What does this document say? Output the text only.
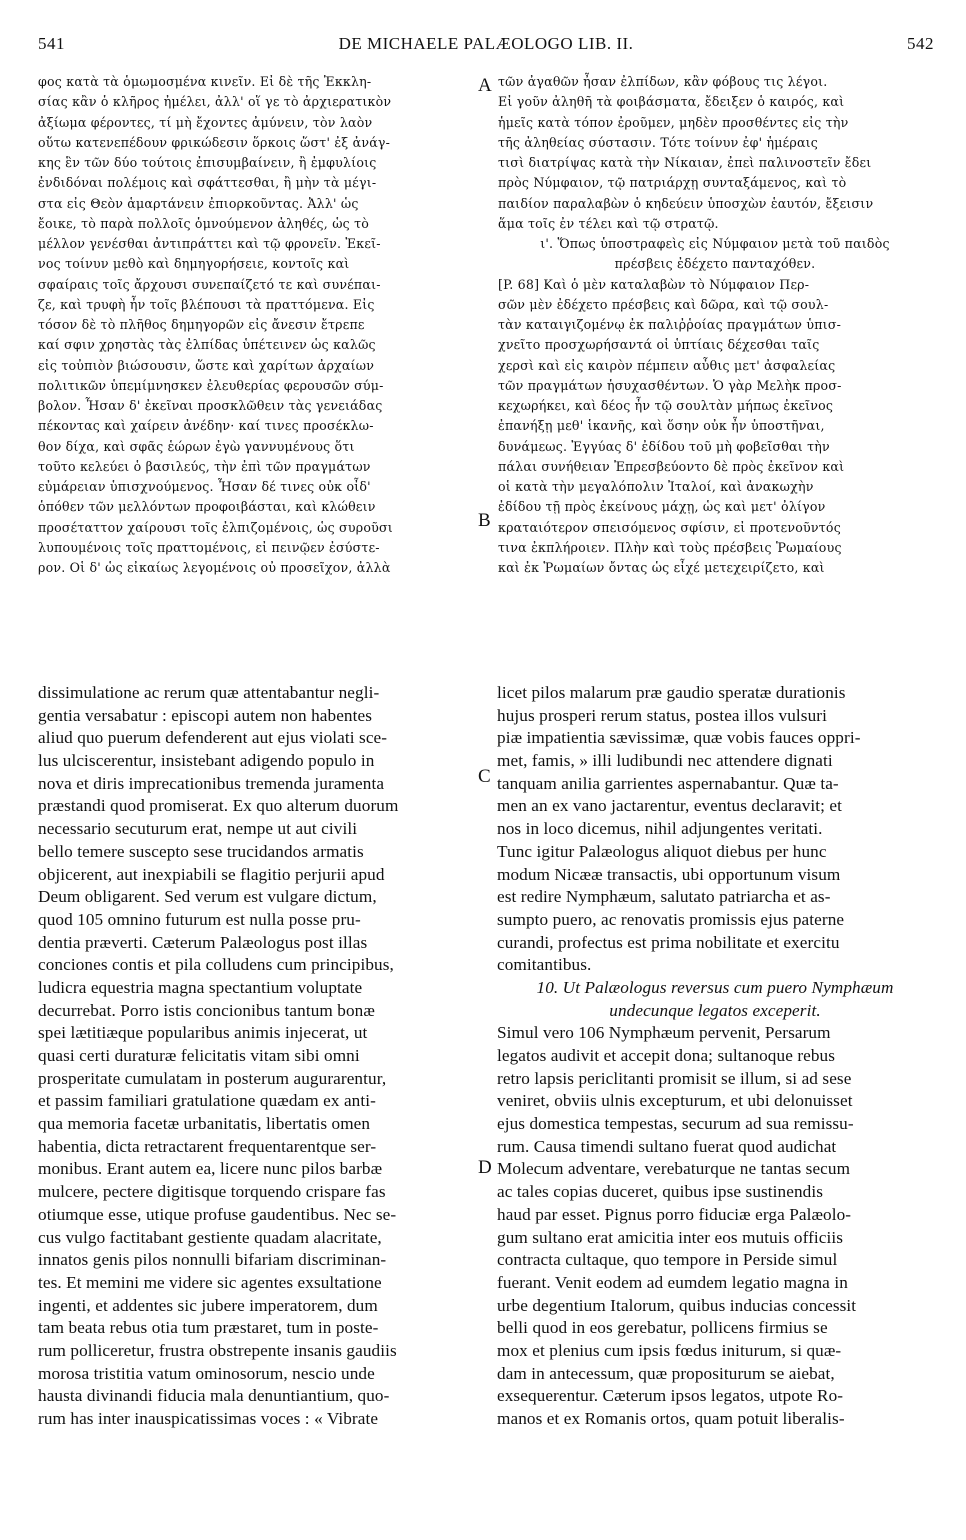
541	DE MICHAELE PALÆOLOGO LIB. II.	542
φος κατὰ τὰ ὁμωμοσμένα κινεῖν. Εἰ δὲ τῆς Ἐκκλη-
σίας κἂν ὁ κλῆρος ἠμέλει, ἀλλ' οἵ γε τὸ ἀρχιερατικὸν
ἀξίωμα φέροντες, τί μὴ ἔχοντες ἀμύνειν, τὸν λαὸν
οὕτω κατενεπέδουν φρικώδεσιν ὅρκοις ὥστ' ἐξ ἀνάγ-
κης ἓν τῶν δύο τούτοις ἐπισυμβαίνειν, ἢ ἐμφυλίοις
ἐνδιδόναι πολέμοις καὶ σφάττεσθαι, ἢ μὴν τὰ μέγι-
στα εἰς Θεὸν ἁμαρτάνειν ἐπιορκοῦντας. Ἀλλ' ὡς
ἔοικε, τὸ παρὰ πολλοῖς ὁμνούμενον ἀληθές, ὡς τὸ
μέλλον γενέσθαι ἀντιπράττει καὶ τῷ φρονεῖν. Ἐκεῖ-
νος τοίνυν μεθὸ καὶ δημηγορήσειε, κοντοῖς καὶ
σφαίραις τοῖς ἄρχουσι συνεπαίζετό τε καὶ συνέπαι-
ζε, καὶ τρυφὴ ἦν τοῖς βλέπουσι τὰ πραττόμενα. Εἰς
τόσον δὲ τὸ πλῆθος δημηγορῶν εἰς ἄνεσιν ἔτρεπε
καί σφιν χρηστὰς τὰς ἐλπίδας ὑπέτεινεν ὡς καλῶς
εἰς τοὐπιὸν βιώσουσιν, ὥστε καὶ χαρίτων ἀρχαίων
πολιτικῶν ὑπεμίμνησκεν ἐλευθερίας φερουσῶν σύμ-
βολον. Ἦσαν δ' ἐκεῖναι προσκλῶθειν τὰς γενειάδας
πέκοντας καὶ χαίρειν ἀνέδην· καί τινες προσέκλω-
θον δίχα, καὶ σφᾶς ἑώρων ἐγὼ γαννυμένους ὅτι
τοῦτο κελεύει ὁ βασιλεύς, τὴν ἐπὶ τῶν πραγμάτων
εὐμάρειαν ὑπισχνούμενος. Ἦσαν δέ τινες οὐκ οἶδ'
ὁπόθεν τῶν μελλόντων προφοιβάσται, καὶ κλώθειν
προσέταττον χαίρουσι τοῖς ἐλπιζομένοις, ὡς συροῦσι
λυπουμένοις τοῖς πραττομένοις, εἰ πεινῷεν ἐσύστε-
ρον. Οἱ δ' ὡς εἰκαίως λεγομένοις οὐ προσεῖχον, ἀλλὰ
τῶν ἀγαθῶν ἦσαν ἐλπίδων, κἂν φόβους τις λέγοι.
Εἰ γοῦν ἀληθῆ τὰ φοιβάσματα, ἔδειξεν ὁ καιρός, καὶ
ἡμεῖς κατὰ τόπον ἐροῦμεν, μηδὲν προσθέντες εἰς τὴν
τῆς ἀληθείας σύστασιν. Τότε τοίνυν ἐφ' ἡμέραις
τισὶ διατρίψας κατὰ τὴν Νίκαιαν, ἐπεὶ παλινοστεῖν ἔδει
πρὸς Νύμφαιον, τῷ πατριάρχῃ συνταξάμενος, καὶ τὸ
παιδίον παραλαβὼν ὁ κηδεύειν ὑποσχὼν ἑαυτόν, ἔξεισιν
ἅμα τοῖς ἐν τέλει καὶ τῷ στρατῷ.
ι'. Ὅπως ὑποστραφεὶς εἰς Νύμφαιον μετὰ τοῦ παιδὸς
πρέσβεις ἐδέχετο πανταχόθεν.
[P. 68] Καὶ ὁ μὲν καταλαβὼν τὸ Νύμφαιον Περ-
σῶν μὲν ἐδέχετο πρέσβεις καὶ δῶρα, καὶ τῷ σουλ-
τὰν καταιγιζομένῳ ἐκ παλιῤῥοίας πραγμάτων ὑπισ-
χνεῖτο προσχωρήσαντά οἱ ὑπτίαις δέχεσθαι ταῖς
χερσὶ καὶ εἰς καιρὸν πέμπειν αὖθις μετ' ἀσφαλείας
τῶν πραγμάτων ἡσυχασθέντων. Ὁ γὰρ Μελὴκ προσ-
κεχωρήκει, καὶ δέος ἦν τῷ σουλτὰν μήπως ἐκεῖνος
ἐπανήξῃ μεθ' ἱκανῆς, καὶ ὅσην οὐκ ἦν ὑποστῆναι,
δυνάμεως. Ἐγγύας δ' ἐδίδου τοῦ μὴ φοβεῖσθαι τὴν
πάλαι συνήθειαν Ἐπρεσβεύοντο δὲ πρὸς ἐκεῖνον καὶ
οἱ κατὰ τὴν μεγαλόπολιν Ἰταλοί, καὶ ἀνακωχὴν
ἐδίδου τῇ πρὸς ἐκείνους μάχῃ, ὡς καὶ μετ' ὀλίγον
κραταιότερον σπεισόμενος σφίσιν, εἰ προτενοῦντός
τινα ἐκπλήροιεν. Πλὴν καὶ τοὺς πρέσβεις Ῥωμαίους
καὶ ἐκ Ῥωμαίων ὄντας ὡς εἶχέ μετεχειρίζετο, καὶ
dissimulatione ac rerum quæ attentabantur negli-
gentia versabatur : episcopi autem non habentes
aliud quo puerum defenderent aut ejus violati sce-
lus ulciscerentur, insistebant adigendo populo in
nova et diris imprecationibus tremenda juramenta
præstandi quod promiserat. Ex quo alterum duorum
necessario secuturum erat, nempe ut aut civili
bello temere suscepto sese trucidandos armatis
objicerent, aut inexpiabili se flagitio perjurii apud
Deum obligarent. Sed verum est vulgare dictum,
quod 105 omnino futurum est nulla posse pru-
dentia præverti. Cæterum Palæologus post illas
conciones contis et pila colludens cum principibus,
ludicra equestria magna spectantium voluptate
decurrebat. Porro istis concionibus tantum bonæ
spei lætitiæque popularibus animis injecerat, ut
quasi certi duraturæ felicitatis vitam sibi omni
prosperitate cumulatam in posterum augurarentur,
et passim familiari gratulatione quædam ex anti-
qua memoria facetæ urbanitatis, libertatis omen
habentia, dicta retractarent frequentarentque ser-
monibus. Erant autem ea, licere nunc pilos barbæ
mulcere, pectere digitisque torquendo crispare fas
otiumque esse, utique profuse gaudentibus. Nec se-
cus vulgo factitabant gestiente quadam alacritate,
innatos genis pilos nonnulli bifariam discriminan-
tes. Et memini me videre sic agentes exsultatione
ingenti, et addentes sic jubere imperatorem, dum
tam beata rebus otia tum præstaret, tum in poste-
rum polliceretur, frustra obstrepente insanis gaudiis
morosa tristitia vatum ominosorum, nescio unde
hausta divinandi fiducia mala denuntiantium, quo-
rum has inter inauspicatissimas voces : « Vibrate
licet pilos malarum præ gaudio speratæ durationis
hujus prosperi rerum status, postea illos vulsuri
piæ impatientia sævissimæ, quæ vobis fauces oppri-
met, famis, » illi ludibundi nec attendere dignati
tanquam anilia garrientes aspernabantur. Quæ ta-
men an ex vano jactarentur, eventus declaravit; et
nos in loco dicemus, nihil adjungentes veritati.
Tunc igitur Palæologus aliquot diebus per hunc
modum Nicææ transactis, ubi opportunum visum
est redire Nymphæum, salutato patriarcha et as-
sumpto puero, ac renovatis promissis ejus paterne
curandi, profectus est prima nobilitate et exercitu
comitantibus.
10. Ut Palæologus reversus cum puero Nymphæum
undecunque legatos exceperit.
Simul vero 106 Nymphæum pervenit, Persarum
legatos audivit et accepit dona; sultanoque rebus
retro lapsis periclitanti promisit se illum, si ad sese
veniret, obviis ulnis excepturum, et ubi delonuisset
ejus domestica tempestas, securum ad sua remissu-
rum. Causa timendi sultano fuerat quod audichat
Molecum adventare, verebaturque ne tantas secum
ac tales copias duceret, quibus ipse sustinendis
haud par esset. Pignus porro fiduciæ erga Palæolo-
gum sultano erat amicitia inter eos mutuis officiis
contracta cultaque, quo tempore in Perside simul
fuerant. Venit eodem ad eumdem legatio magna in
urbe degentium Italorum, quibus inducias concessit
belli quod in eos gerebatur, pollicens firmius se
mox et plenius cum ipsis fœdus initurum, si quæ-
dam in antecessum, quæ propositurum se aiebat,
exsequerentur. Cæterum ipsos legatos, utpote Ro-
manos et ex Romanis ortos, quam potuit liberalis-
A
B
C
D
